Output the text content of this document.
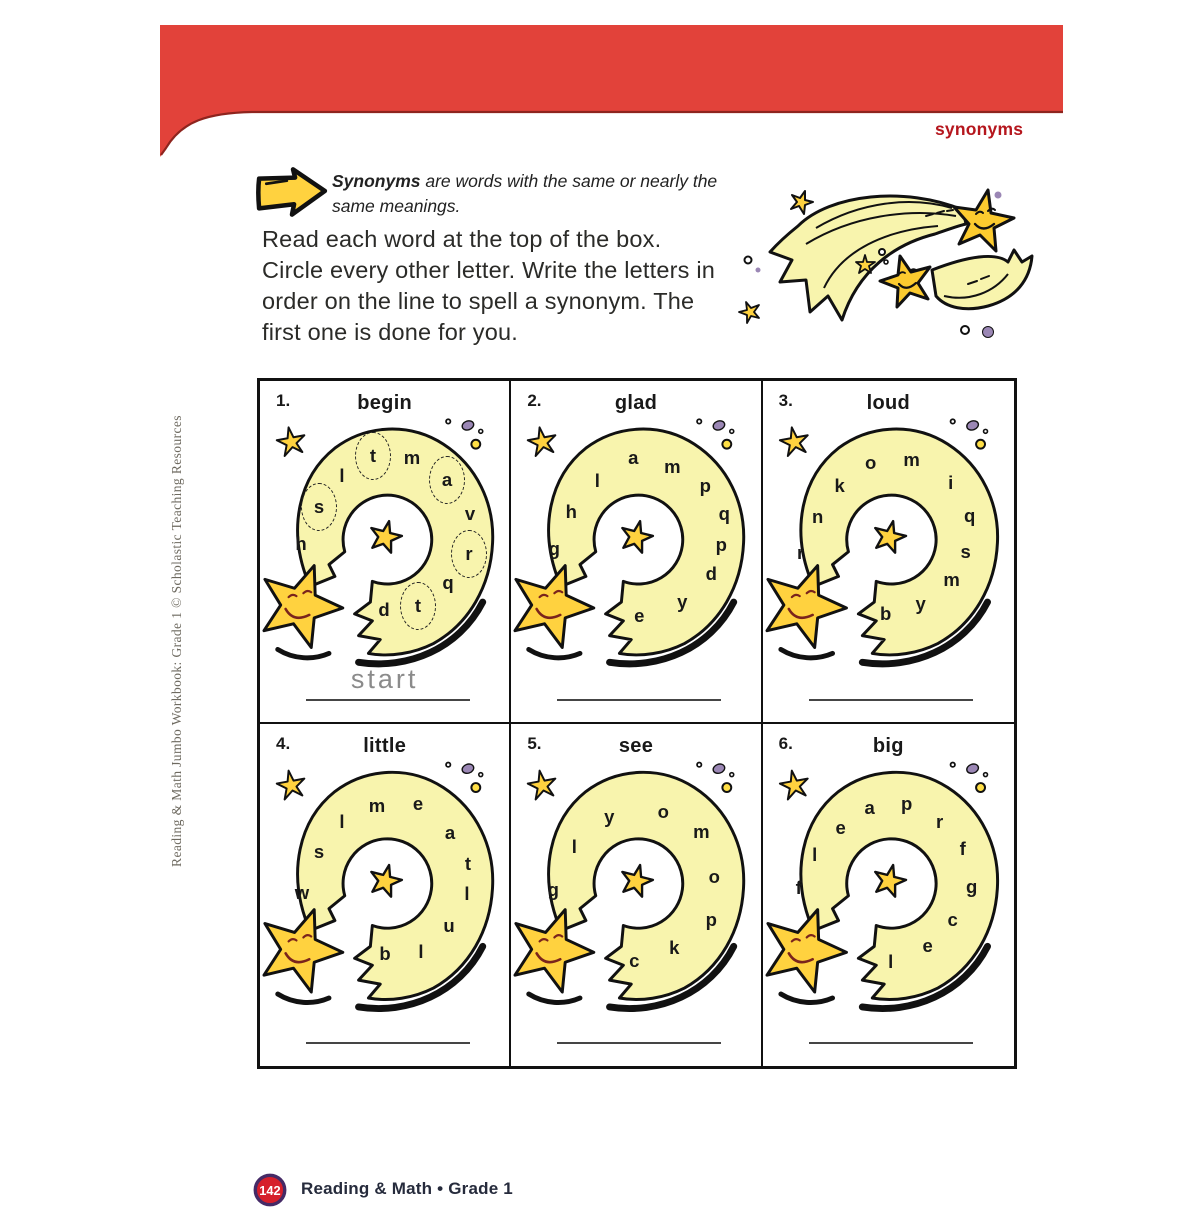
synonyms
Synonyms are words with the same or nearly the
same meanings.
Read each word at the top of the box.
Circle every other letter. Write the letters in
order on the line to spell a synonym. The
first one is done for you.
Reading & Math Jumbo Workbook: Grade 1 © Scholastic Teaching Resources
1.	begin
h
s
l
t m
a
v
r
q
t
d
start
2.	glad
g
h
l
a m
p
q
p
d
y
e
3.	loud
r
n
k
o m
i
q
s
m
y
b
4.	little
w
s
l
m e
a
t
l
u
l
b
5.	see
g
l
y o
m
o
p
k
c
6.	big
f
l
e
a p
r
f
g
c
e
l
142 Reading & Math • Grade 1
